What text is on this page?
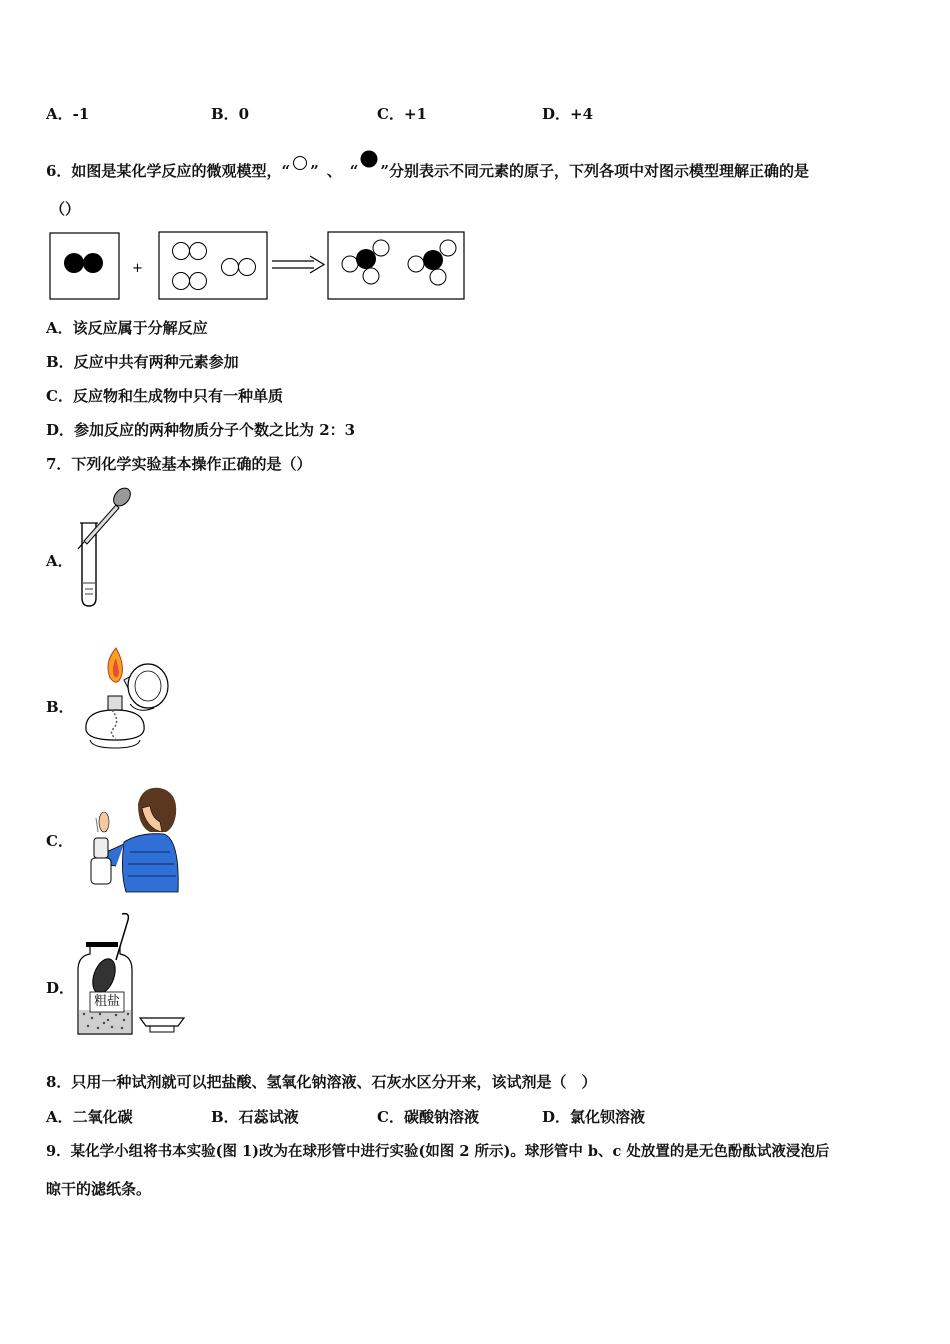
A．-1	B．0	C．+1	D．+4
6．如图是某化学反应的微观模型，“ ” 、 “ ”分别表示不同元素的原子，下列各项中对图示模型理解正确的是
（）
+
A．该反应属于分解反应
B．反应中共有两种元素参加
C．反应物和生成物中只有一种单质
D．参加反应的两种物质分子个数之比为 2：3
7．下列化学实验基本操作正确的是（）
A．
B．
C．
D．
粗盐
8．只用一种试剂就可以把盐酸、氢氧化钠溶液、石灰水区分开来，该试剂是（　）
A．二氧化碳	B．石蕊试液	C．碳酸钠溶液	D．氯化钡溶液
9．某化学小组将书本实验(图 1)改为在球形管中进行实验(如图 2 所示)。球形管中 b、c 处放置的是无色酚酞试液浸泡后
晾干的滤纸条。
